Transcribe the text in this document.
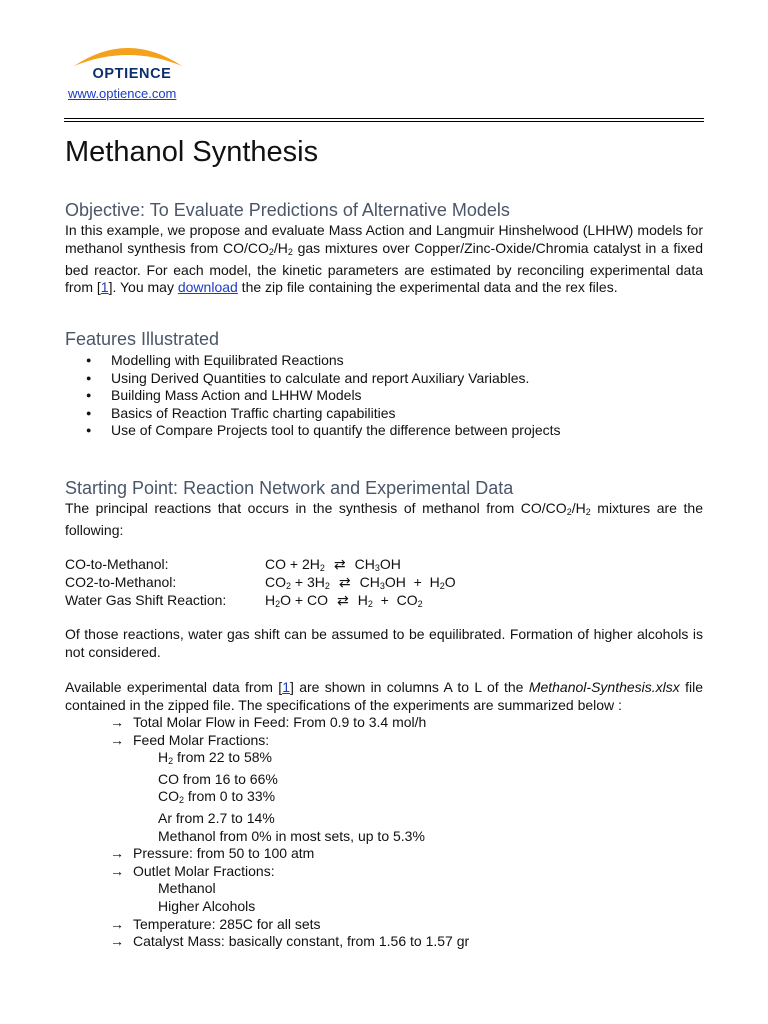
OPTIENCE
www.optience.com
Methanol Synthesis
Objective: To Evaluate Predictions of Alternative Models

In this example, we propose and evaluate Mass Action and Langmuir Hinshelwood (LHHW) models for methanol synthesis from $CO/CO_2/H_2$ gas mixtures over Copper/Zinc-Oxide/Chromia catalyst in a fixed bed reactor. For each model, the kinetic parameters are estimated by reconciling experimental data from [1]. You may download the zip file containing the experimental data and the rex files.

Features Illustrated
● Modelling with Equilibrated Reactions
● Using Derived Quantities to calculate and report Auxiliary Variables.
● Building Mass Action and LHHW Models
● Basics of Reaction Traffic charting capabilities
● Use of Compare Projects tool to quantify the difference between projects
Starting Point: Reaction Network and Experimental Data

The principal reactions that occurs in the synthesis of methanol from $CO/CO_2/H_2$ mixtures are the following:

CO-to-Methanol:	CO + $2H_2$ ⇄ $CH_3OH$
CO2-to-Methanol:	$CO_2 + 3H_2$ ⇄ $CH_3OH + H_2O$
Water Gas Shift Reaction:	$H_2O$ + CO ⇄ $H_2 + CO_2$

Of those reactions, water gas shift can be assumed to be equilibrated. Formation of higher alcohols is not considered.

Available experimental data from [1] are shown in columns A to L of the Methanol-Synthesis.xlsx file contained in the zipped file. The specifications of the experiments are summarized below :

→ Total Molar Flow in Feed: From 0.9 to 3.4 mol/h
→ Feed Molar Fractions:
$H_2$ from 22 to 58%
CO from 16 to 66%
$CO_2$ from 0 to 33%
Ar from 2.7 to 14%
Methanol from 0% in most sets, up to 5.3%
→ Pressure: from 50 to 100 atm
→ Outlet Molar Fractions:
Methanol
Higher Alcohols
→ Temperature: 285C for all sets
→ Catalyst Mass: basically constant, from 1.56 to 1.57 gr
